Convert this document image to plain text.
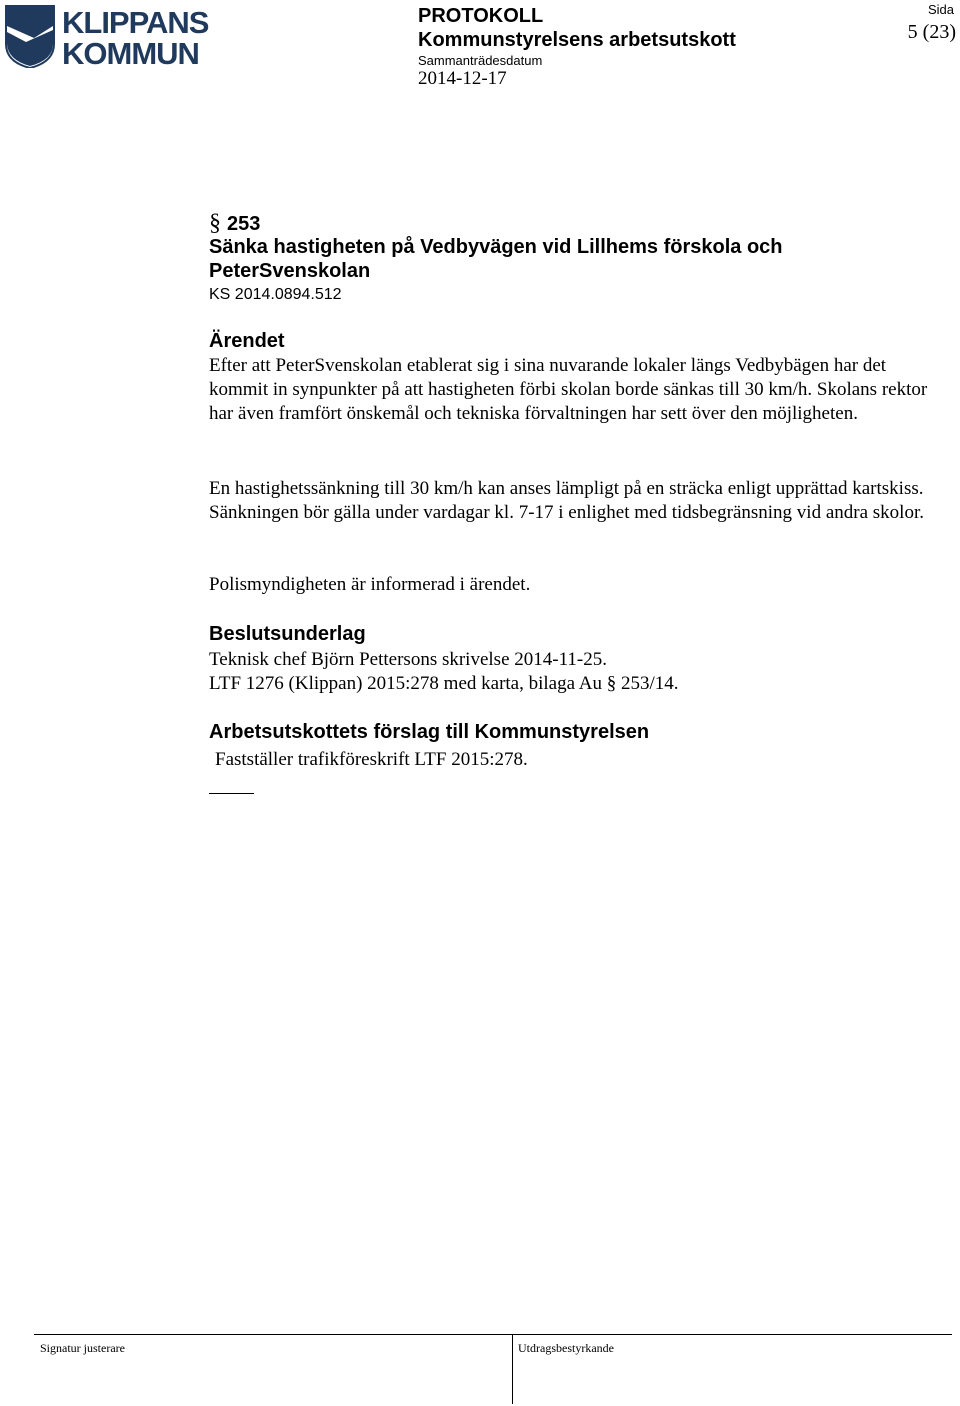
KLIPPANS
KOMMUN
PROTOKOLL
Kommunstyrelsens arbetsutskott
Sammanträdesdatum
2014-12-17
Sida
5 (23)
§ 253
Sänka hastigheten på Vedbyvägen vid Lillhems förskola och PeterSvenskolan
KS 2014.0894.512
Ärendet
Efter att PeterSvenskolan etablerat sig i sina nuvarande lokaler längs Vedbybägen har det kommit in synpunkter på att hastigheten förbi skolan borde sänkas till 30 km/h. Skolans rektor har även framfört önskemål och tekniska förvaltningen har sett över den möjligheten.
En hastighetssänkning till 30 km/h kan anses lämpligt på en sträcka enligt upprättad kartskiss. Sänkningen bör gälla under vardagar kl. 7-17 i enlighet med tidsbegränsning vid andra skolor.
Polismyndigheten är informerad i ärendet.
Beslutsunderlag
Teknisk chef Björn Pettersons skrivelse 2014-11-25.
LTF 1276 (Klippan) 2015:278 med karta, bilaga Au § 253/14.
Arbetsutskottets förslag till Kommunstyrelsen
Fastställer trafikföreskrift LTF 2015:278.
Signatur justerare	Utdragsbestyrkande
